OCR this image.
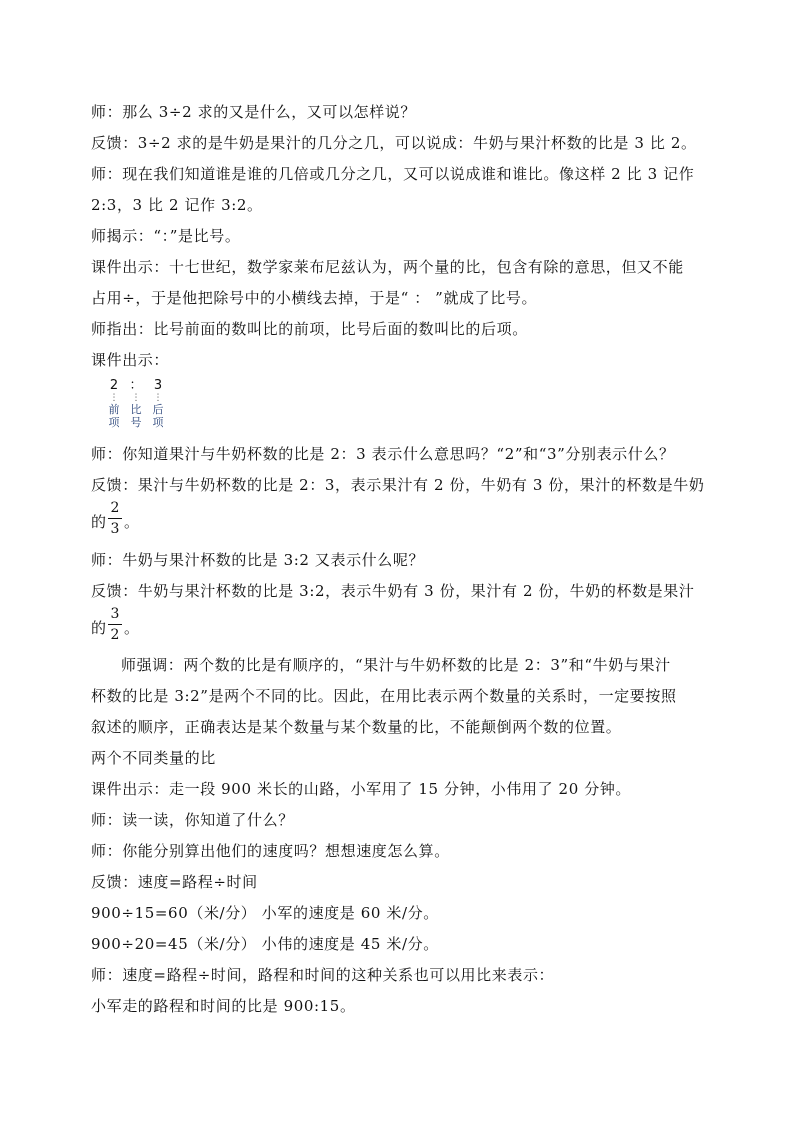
师：那么 3÷2 求的又是什么，又可以怎样说？
反馈：3÷2 求的是牛奶是果汁的几分之几，可以说成：牛奶与果汁杯数的比是 3 比 2。
师：现在我们知道谁是谁的几倍或几分之几，又可以说成谁和谁比。像这样 2 比 3 记作
2:3，3 比 2 记作 3:2。
师揭示：“：”是比号。
课件出示：十七世纪，数学家莱布尼兹认为，两个量的比，包含有除的意思，但又不能
占用÷，于是他把除号中的小横线去掉，于是“ ： ”就成了比号。
师指出：比号前面的数叫比的前项，比号后面的数叫比的后项。
课件出示：
2
⋮
前
项
：
⋮
比
号
3
⋮
后
项
师：你知道果汁与牛奶杯数的比是 2：3 表示什么意思吗？“2”和“3”分别表示什么？
反馈：果汁与牛奶杯数的比是 2：3，表示果汁有 2 份，牛奶有 3 份，果汁的杯数是牛奶
的
2
3 。
师：牛奶与果汁杯数的比是 3:2 又表示什么呢？
反馈：牛奶与果汁杯数的比是 3:2，表示牛奶有 3 份，果汁有 2 份，牛奶的杯数是果汁
的
3
2 。
师强调：两个数的比是有顺序的，“果汁与牛奶杯数的比是 2：3”和“牛奶与果汁
杯数的比是 3:2”是两个不同的比。因此，在用比表示两个数量的关系时，一定要按照
叙述的顺序，正确表达是某个数量与某个数量的比，不能颠倒两个数的位置。
两个不同类量的比
课件出示：走一段 900 米长的山路，小军用了 15 分钟，小伟用了 20 分钟。
师：读一读，你知道了什么？
师：你能分别算出他们的速度吗？想想速度怎么算。
反馈：速度=路程÷时间
900÷15=60（米/分） 小军的速度是 60 米/分。
900÷20=45（米/分） 小伟的速度是 45 米/分。
师：速度=路程÷时间，路程和时间的这种关系也可以用比来表示：
小军走的路程和时间的比是 900:15。
